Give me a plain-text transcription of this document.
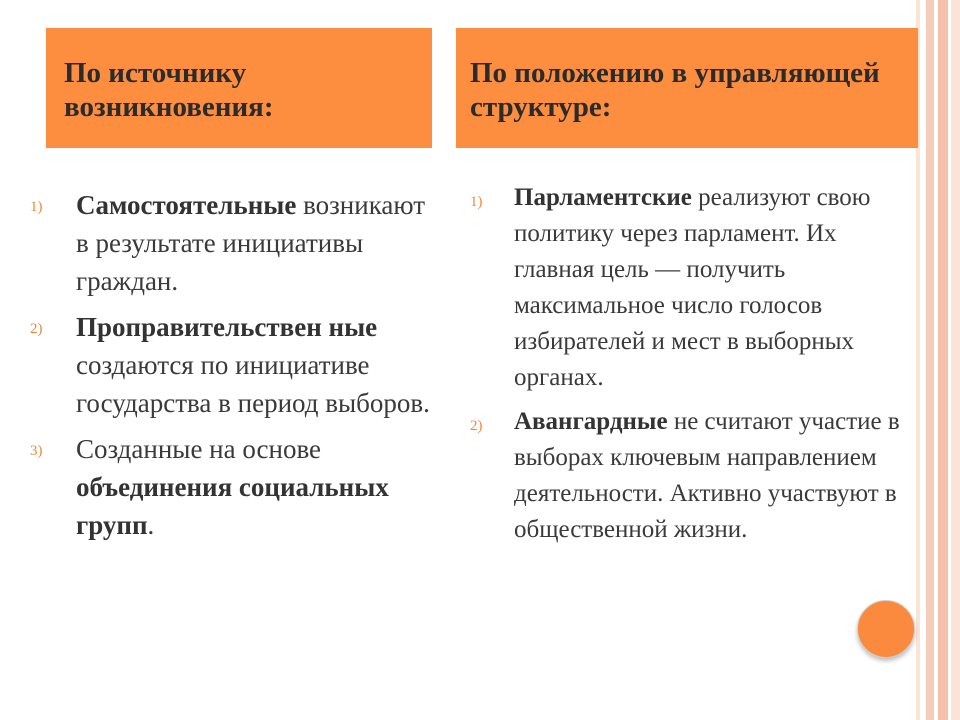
По источнику возникновения:
По положению в управляющей структуре:
1) Самостоятельные возникают в результате инициативы граждан.
2) Проправительствен ные создаются по инициативе государства в период выборов.
3) Созданные на основе объединения социальных групп.
1) Парламентские реализуют свою политику через парламент. Их главная цель — получить максимальное число голосов избирателей и мест в выборных органах.
2) Авангардные не считают участие в выборах ключевым направлением деятельности. Активно участвуют в общественной жизни.
